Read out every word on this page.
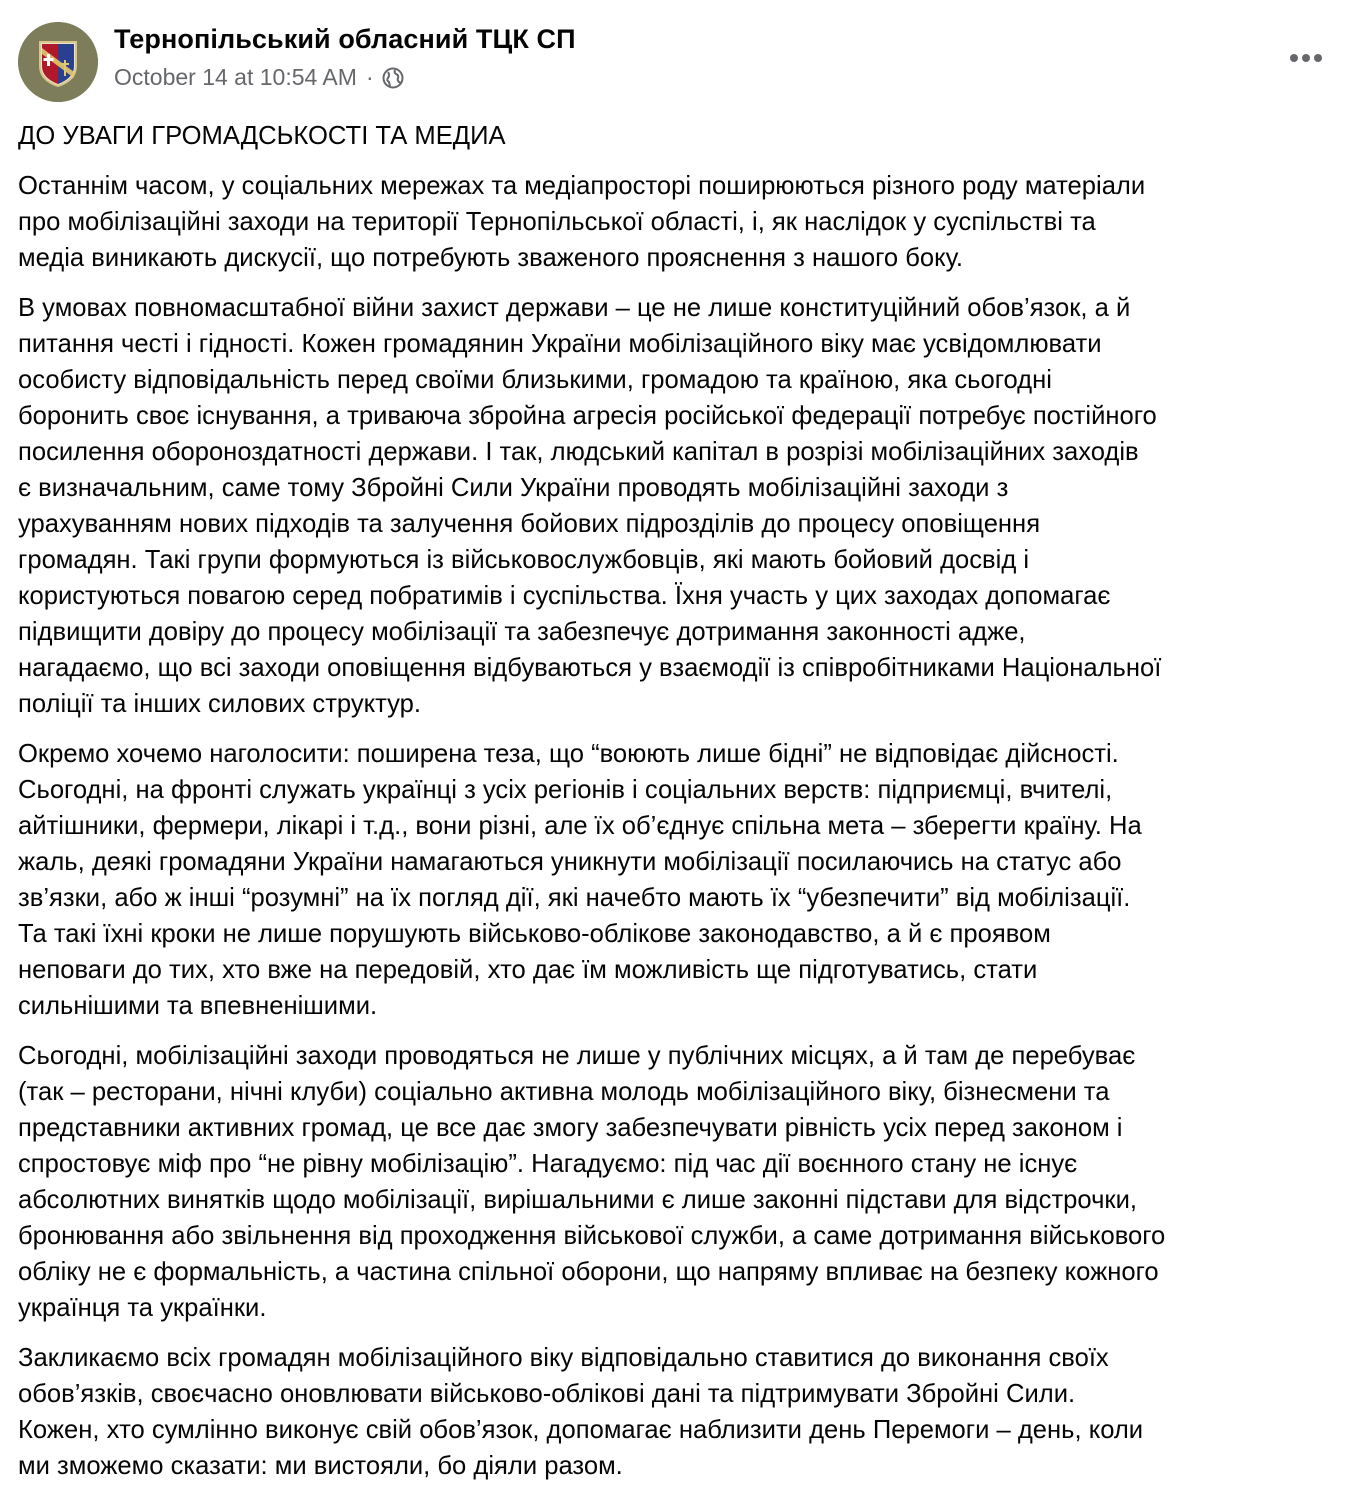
Тернопільський обласний ТЦК СП
October 14 at 10:54 AM ·

ДО УВАГИ ГРОМАДСЬКОСТІ ТА МЕДИА

Останнім часом, у соціальних мережах та медіапросторі поширюються різного роду матеріали
про мобілізаційні заходи на території Тернопільської області, і, як наслідок у суспільстві та
медіа виникають дискусії, що потребують зваженого прояснення з нашого боку.

В умовах повномасштабної війни захист держави – це не лише конституційний обов’язок, а й
питання честі і гідності. Кожен громадянин України мобілізаційного віку має усвідомлювати
особисту відповідальність перед своїми близькими, громадою та країною, яка сьогодні
боронить своє існування, а триваюча збройна агресія російської федерації потребує постійного
посилення обороноздатності держави. І так, людський капітал в розрізі мобілізаційних заходів
є визначальним, саме тому Збройні Сили України проводять мобілізаційні заходи з
урахуванням нових підходів та залучення бойових підрозділів до процесу оповіщення
громадян. Такі групи формуються із військовослужбовців, які мають бойовий досвід і
користуються повагою серед побратимів і суспільства. Їхня участь у цих заходах допомагає
підвищити довіру до процесу мобілізації та забезпечує дотримання законності адже,
нагадаємо, що всі заходи оповіщення відбуваються у взаємодії із співробітниками Національної
поліції та інших силових структур.

Окремо хочемо наголосити: поширена теза, що “воюють лише бідні” не відповідає дійсності.
Сьогодні, на фронті служать українці з усіх регіонів і соціальних верств: підприємці, вчителі,
айтішники, фермери, лікарі і т.д., вони різні, але їх об’єднує спільна мета – зберегти країну. На
жаль, деякі громадяни України намагаються уникнути мобілізації посилаючись на статус або
зв’язки, або ж інші “розумні” на їх погляд дії, які начебто мають їх “убезпечити” від мобілізації.
Та такі їхні кроки не лише порушують військово-облікове законодавство, а й є проявом
неповаги до тих, хто вже на передовій, хто дає їм можливість ще підготуватись, стати
сильнішими та впевненішими.

Сьогодні, мобілізаційні заходи проводяться не лише у публічних місцях, а й там де перебуває
(так – ресторани, нічні клуби) соціально активна молодь мобілізаційного віку, бізнесмени та
представники активних громад, це все дає змогу забезпечувати рівність усіх перед законом і
спростовує міф про “не рівну мобілізацію”. Нагадуємо: під час дії воєнного стану не існує
абсолютних винятків щодо мобілізації, вирішальними є лише законні підстави для відстрочки,
бронювання або звільнення від проходження військової служби, а саме дотримання військового
обліку не є формальність, а частина спільної оборони, що напряму впливає на безпеку кожного
українця та українки.

Закликаємо всіх громадян мобілізаційного віку відповідально ставитися до виконання своїх
обов’язків, своєчасно оновлювати військово-облікові дані та підтримувати Збройні Сили.
Кожен, хто сумлінно виконує свій обов’язок, допомагає наблизити день Перемоги – день, коли
ми зможемо сказати: ми вистояли, бо діяли разом.
